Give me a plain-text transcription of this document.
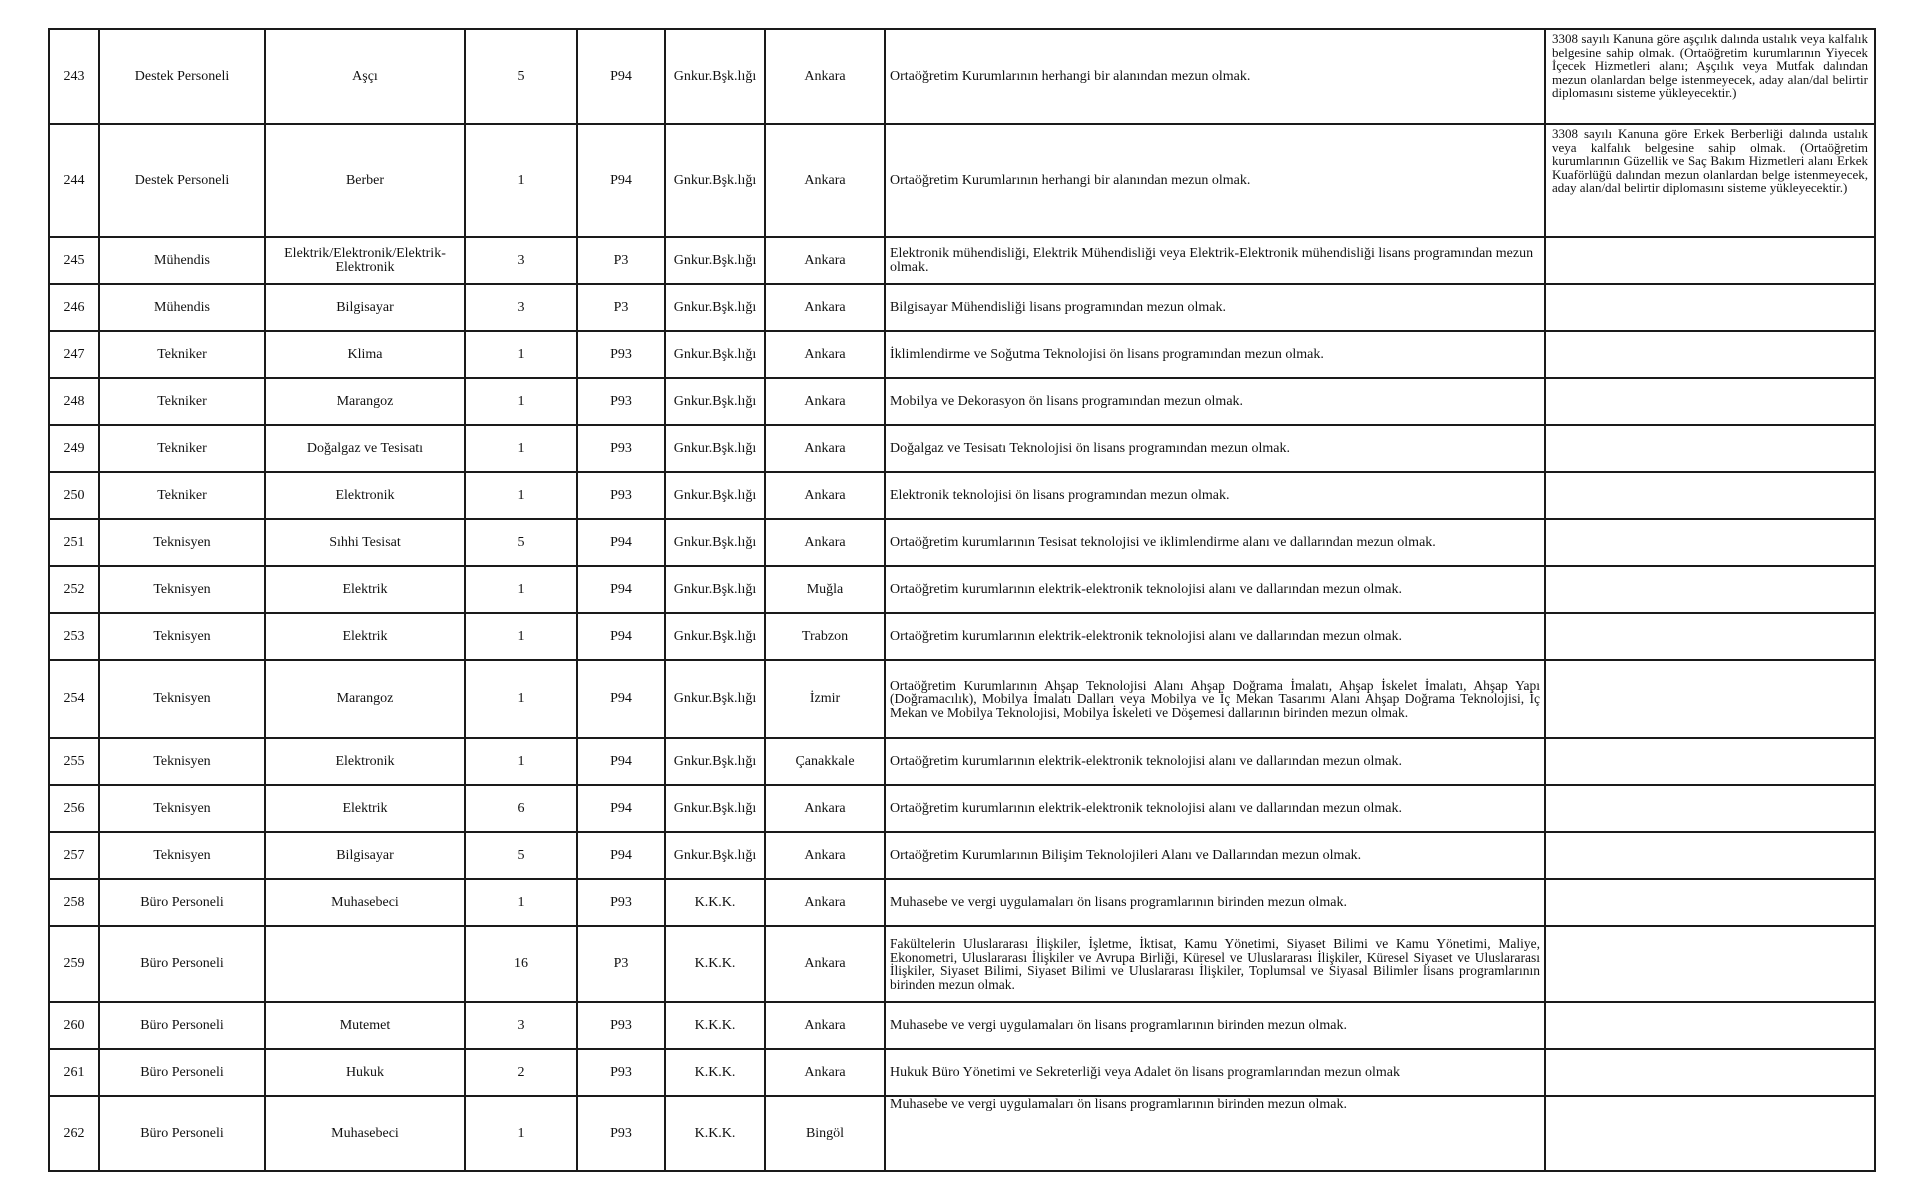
243	Destek Personeli	Aşçı	5	P94	Gnkur.Bşk.lığı	Ankara	Ortaöğretim Kurumlarının herhangi bir alanından mezun olmak.	3308 sayılı Kanuna göre aşçılık dalında ustalık veya kalfalık belgesine sahip olmak. (Ortaöğretim kurumlarının Yiyecek İçecek Hizmetleri alanı; Aşçılık veya Mutfak dalından mezun olanlardan belge istenmeyecek, aday alan/dal belirtir diplomasını sisteme yükleyecektir.)
244	Destek Personeli	Berber	1	P94	Gnkur.Bşk.lığı	Ankara	Ortaöğretim Kurumlarının herhangi bir alanından mezun olmak.	3308 sayılı Kanuna göre Erkek Berberliği dalında ustalık veya kalfalık belgesine sahip olmak. (Ortaöğretim kurumlarının Güzellik ve Saç Bakım Hizmetleri alanı Erkek Kuaförlüğü dalından mezun olanlardan belge istenmeyecek, aday alan/dal belirtir diplomasını sisteme yükleyecektir.)
245	Mühendis	Elektrik/Elektronik/Elektrik-Elektronik	3	P3	Gnkur.Bşk.lığı	Ankara	Elektronik mühendisliği, Elektrik Mühendisliği veya Elektrik-Elektronik mühendisliği lisans programından mezun olmak.	
246	Mühendis	Bilgisayar	3	P3	Gnkur.Bşk.lığı	Ankara	Bilgisayar Mühendisliği lisans programından mezun olmak.	
247	Tekniker	Klima	1	P93	Gnkur.Bşk.lığı	Ankara	İklimlendirme ve Soğutma Teknolojisi ön lisans programından mezun olmak.	
248	Tekniker	Marangoz	1	P93	Gnkur.Bşk.lığı	Ankara	Mobilya ve Dekorasyon ön lisans programından mezun olmak.	
249	Tekniker	Doğalgaz ve Tesisatı	1	P93	Gnkur.Bşk.lığı	Ankara	Doğalgaz ve Tesisatı Teknolojisi ön lisans programından mezun olmak.	
250	Tekniker	Elektronik	1	P93	Gnkur.Bşk.lığı	Ankara	Elektronik teknolojisi ön lisans programından mezun olmak.	
251	Teknisyen	Sıhhi Tesisat	5	P94	Gnkur.Bşk.lığı	Ankara	Ortaöğretim kurumlarının Tesisat teknolojisi ve iklimlendirme alanı ve dallarından mezun olmak.	
252	Teknisyen	Elektrik	1	P94	Gnkur.Bşk.lığı	Muğla	Ortaöğretim kurumlarının elektrik-elektronik teknolojisi alanı ve dallarından mezun olmak.	
253	Teknisyen	Elektrik	1	P94	Gnkur.Bşk.lığı	Trabzon	Ortaöğretim kurumlarının elektrik-elektronik teknolojisi alanı ve dallarından mezun olmak.	
254	Teknisyen	Marangoz	1	P94	Gnkur.Bşk.lığı	İzmir	Ortaöğretim Kurumlarının Ahşap Teknolojisi Alanı Ahşap Doğrama İmalatı, Ahşap İskelet İmalatı, Ahşap Yapı (Doğramacılık), Mobilya İmalatı Dalları veya Mobilya ve İç Mekan Tasarımı Alanı Ahşap Doğrama Teknolojisi, İç Mekan ve Mobilya Teknolojisi, Mobilya İskeleti ve Döşemesi dallarının birinden mezun olmak.	
255	Teknisyen	Elektronik	1	P94	Gnkur.Bşk.lığı	Çanakkale	Ortaöğretim kurumlarının elektrik-elektronik teknolojisi alanı ve dallarından mezun olmak.	
256	Teknisyen	Elektrik	6	P94	Gnkur.Bşk.lığı	Ankara	Ortaöğretim kurumlarının elektrik-elektronik teknolojisi alanı ve dallarından mezun olmak.	
257	Teknisyen	Bilgisayar	5	P94	Gnkur.Bşk.lığı	Ankara	Ortaöğretim Kurumlarının Bilişim Teknolojileri Alanı ve Dallarından mezun olmak.	
258	Büro Personeli	Muhasebeci	1	P93	K.K.K.	Ankara	Muhasebe ve vergi uygulamaları ön lisans programlarının birinden mezun olmak.	
259	Büro Personeli		16	P3	K.K.K.	Ankara	Fakültelerin Uluslararası İlişkiler, İşletme, İktisat, Kamu Yönetimi, Siyaset Bilimi ve Kamu Yönetimi, Maliye, Ekonometri, Uluslararası İlişkiler ve Avrupa Birliği, Küresel ve Uluslararası İlişkiler, Küresel Siyaset ve Uluslararası İlişkiler, Siyaset Bilimi, Siyaset Bilimi ve Uluslararası İlişkiler, Toplumsal ve Siyasal Bilimler lisans programlarının birinden mezun olmak.	
260	Büro Personeli	Mutemet	3	P93	K.K.K.	Ankara	Muhasebe ve vergi uygulamaları ön lisans programlarının birinden mezun olmak.	
261	Büro Personeli	Hukuk	2	P93	K.K.K.	Ankara	Hukuk Büro Yönetimi ve Sekreterliği veya Adalet ön lisans programlarından mezun olmak	
262	Büro Personeli	Muhasebeci	1	P93	K.K.K.	Bingöl	Muhasebe ve vergi uygulamaları ön lisans programlarının birinden mezun olmak.	
